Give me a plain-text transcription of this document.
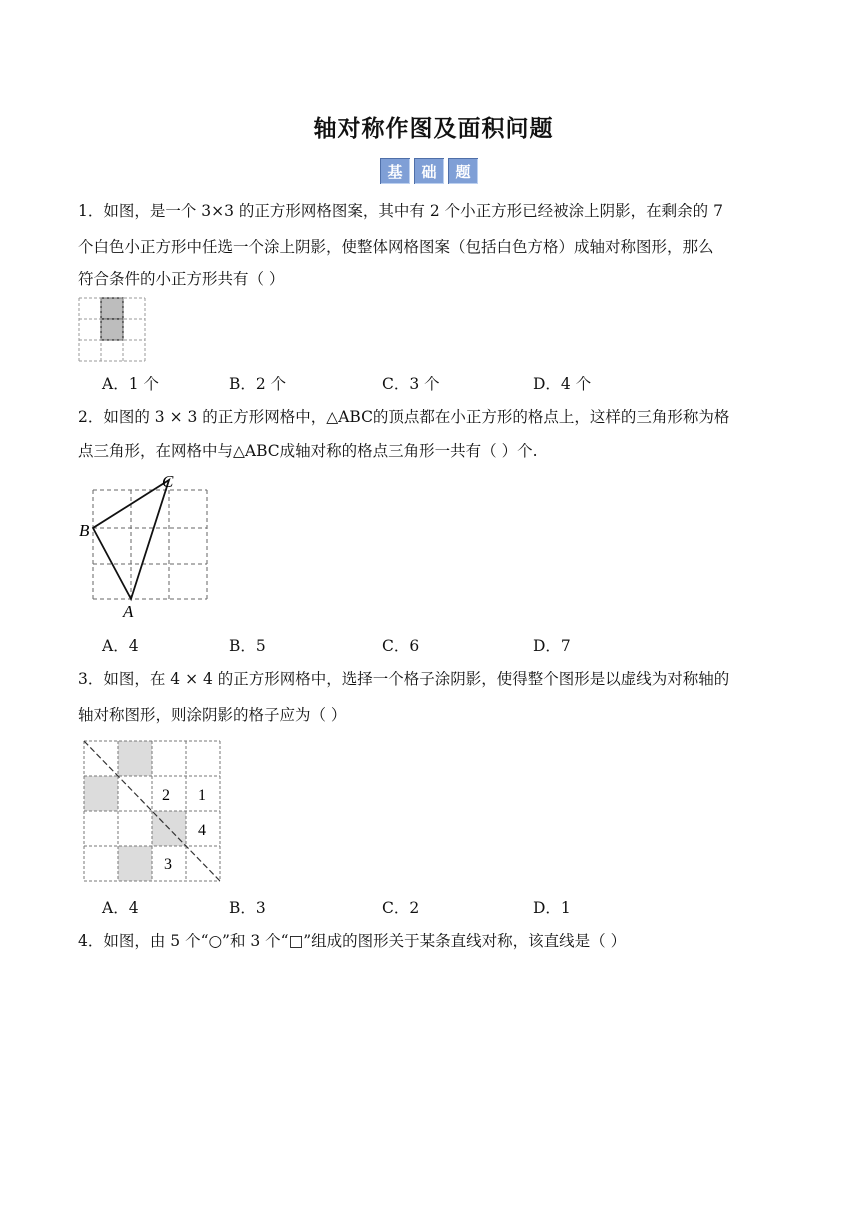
轴对称作图及面积问题
基	础	题
1．如图，是一个 3×3 的正方形网格图案，其中有 2 个小正方形已经被涂上阴影，在剩余的 7
个白色小正方形中任选一个涂上阴影，使整体网格图案（包括白色方格）成轴对称图形，那么
符合条件的小正方形共有（ ）
A．1 个	B．2 个	C．3 个	D．4 个
2．如图的 3 × 3 的正方形网格中，△ABC的顶点都在小正方形的格点上，这样的三角形称为格
点三角形，在网格中与△ABC成轴对称的格点三角形一共有（ ）个.
C
B
A
A．4	B．5	C．6	D．7
3．如图，在 4 × 4 的正方形网格中，选择一个格子涂阴影，使得整个图形是以虚线为对称轴的
轴对称图形，则涂阴影的格子应为（ ）
2 1
4
3
A．4	B．3	C．2	D．1
4．如图，由 5 个“○”和 3 个“□”组成的图形关于某条直线对称，该直线是（ ）
